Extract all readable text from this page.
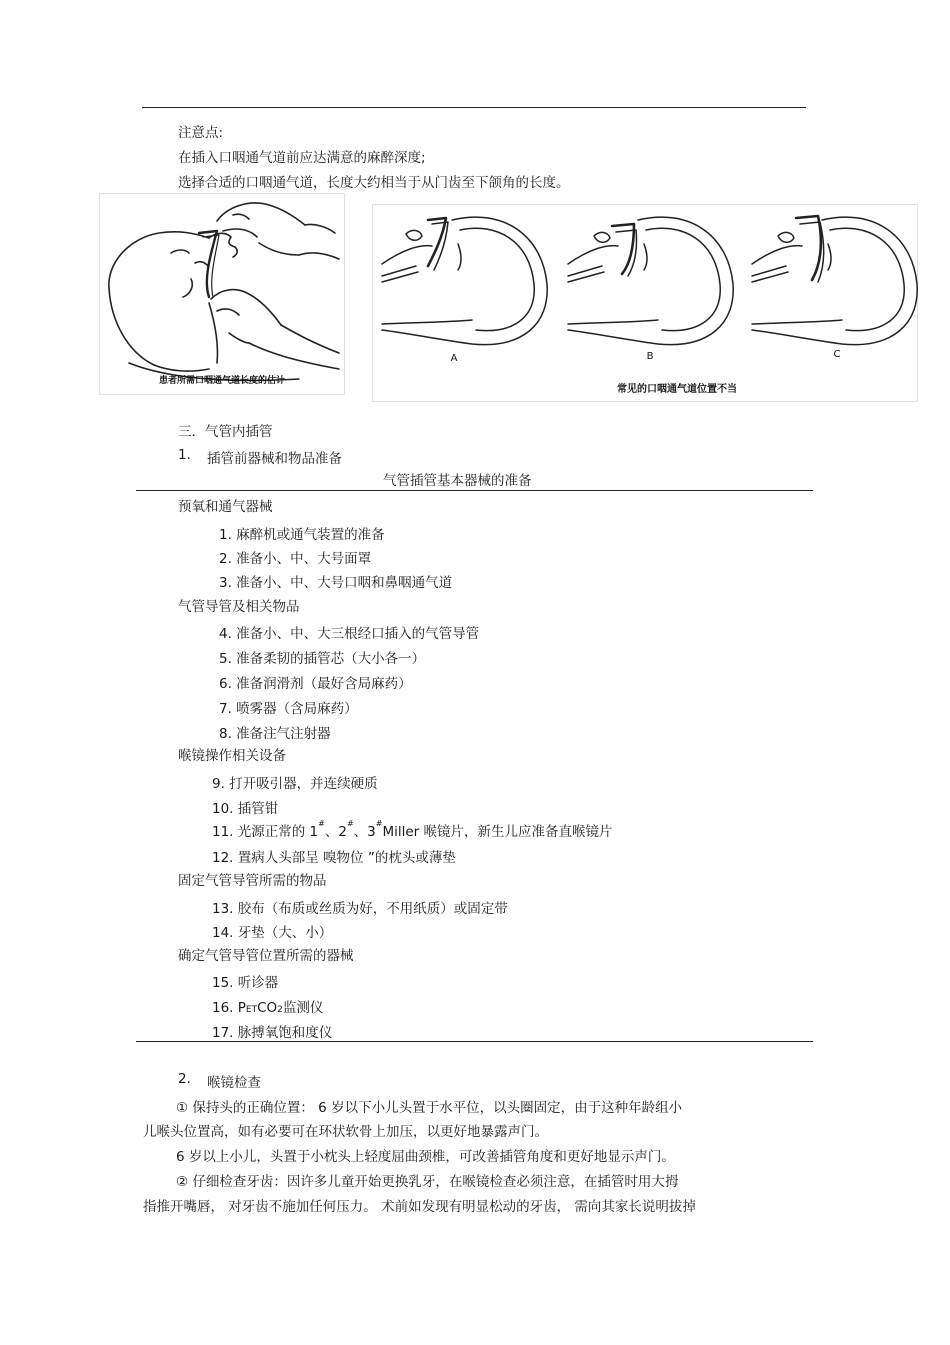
注意点:
在插入口咽通气道前应达满意的麻醉深度;
选择合适的口咽通气道，长度大约相当于从门齿至下颌角的长度。
患者所需口咽通气道长度的估计
A	B	C
常见的口咽通气道位置不当
三．气管内插管
1. 插管前器械和物品准备
气管插管基本器械的准备
预氧和通气器械
1. 麻醉机或通气装置的准备
2. 准备小、中、大号面罩
3. 准备小、中、大号口咽和鼻咽通气道
气管导管及相关物品
4. 准备小、中、大三根经口插入的气管导管
5. 准备柔韧的插管芯（大小各一）
6. 准备润滑剂（最好含局麻药）
7. 喷雾器（含局麻药）
8. 准备注气注射器
喉镜操作相关设备
9. 打开吸引器，并连续硬质
10. 插管钳
11. 光源正常的 1#、2#、3#Miller 喉镜片，新生儿应准备直喉镜片
12. 置病人头部呈 嗅物位 ”的枕头或薄垫
固定气管导管所需的物品
13. 胶布（布质或丝质为好，不用纸质）或固定带
14. 牙垫（大、小）
确定气管导管位置所需的器械
15. 听诊器
16. PETCO2监测仪
17. 脉搏氧饱和度仪
2. 喉镜检查
① 保持头的正确位置： 6 岁以下小儿头置于水平位，以头圈固定，由于这种年龄组小
儿喉头位置高，如有必要可在环状软骨上加压，以更好地暴露声门。
6 岁以上小儿，头置于小枕头上轻度屈曲颈椎，可改善插管角度和更好地显示声门。
② 仔细检查牙齿：因许多儿童开始更换乳牙，在喉镜检查必须注意，在插管时用大拇
指推开嘴唇， 对牙齿不施加任何压力。 术前如发现有明显松动的牙齿， 需向其家长说明拔掉
